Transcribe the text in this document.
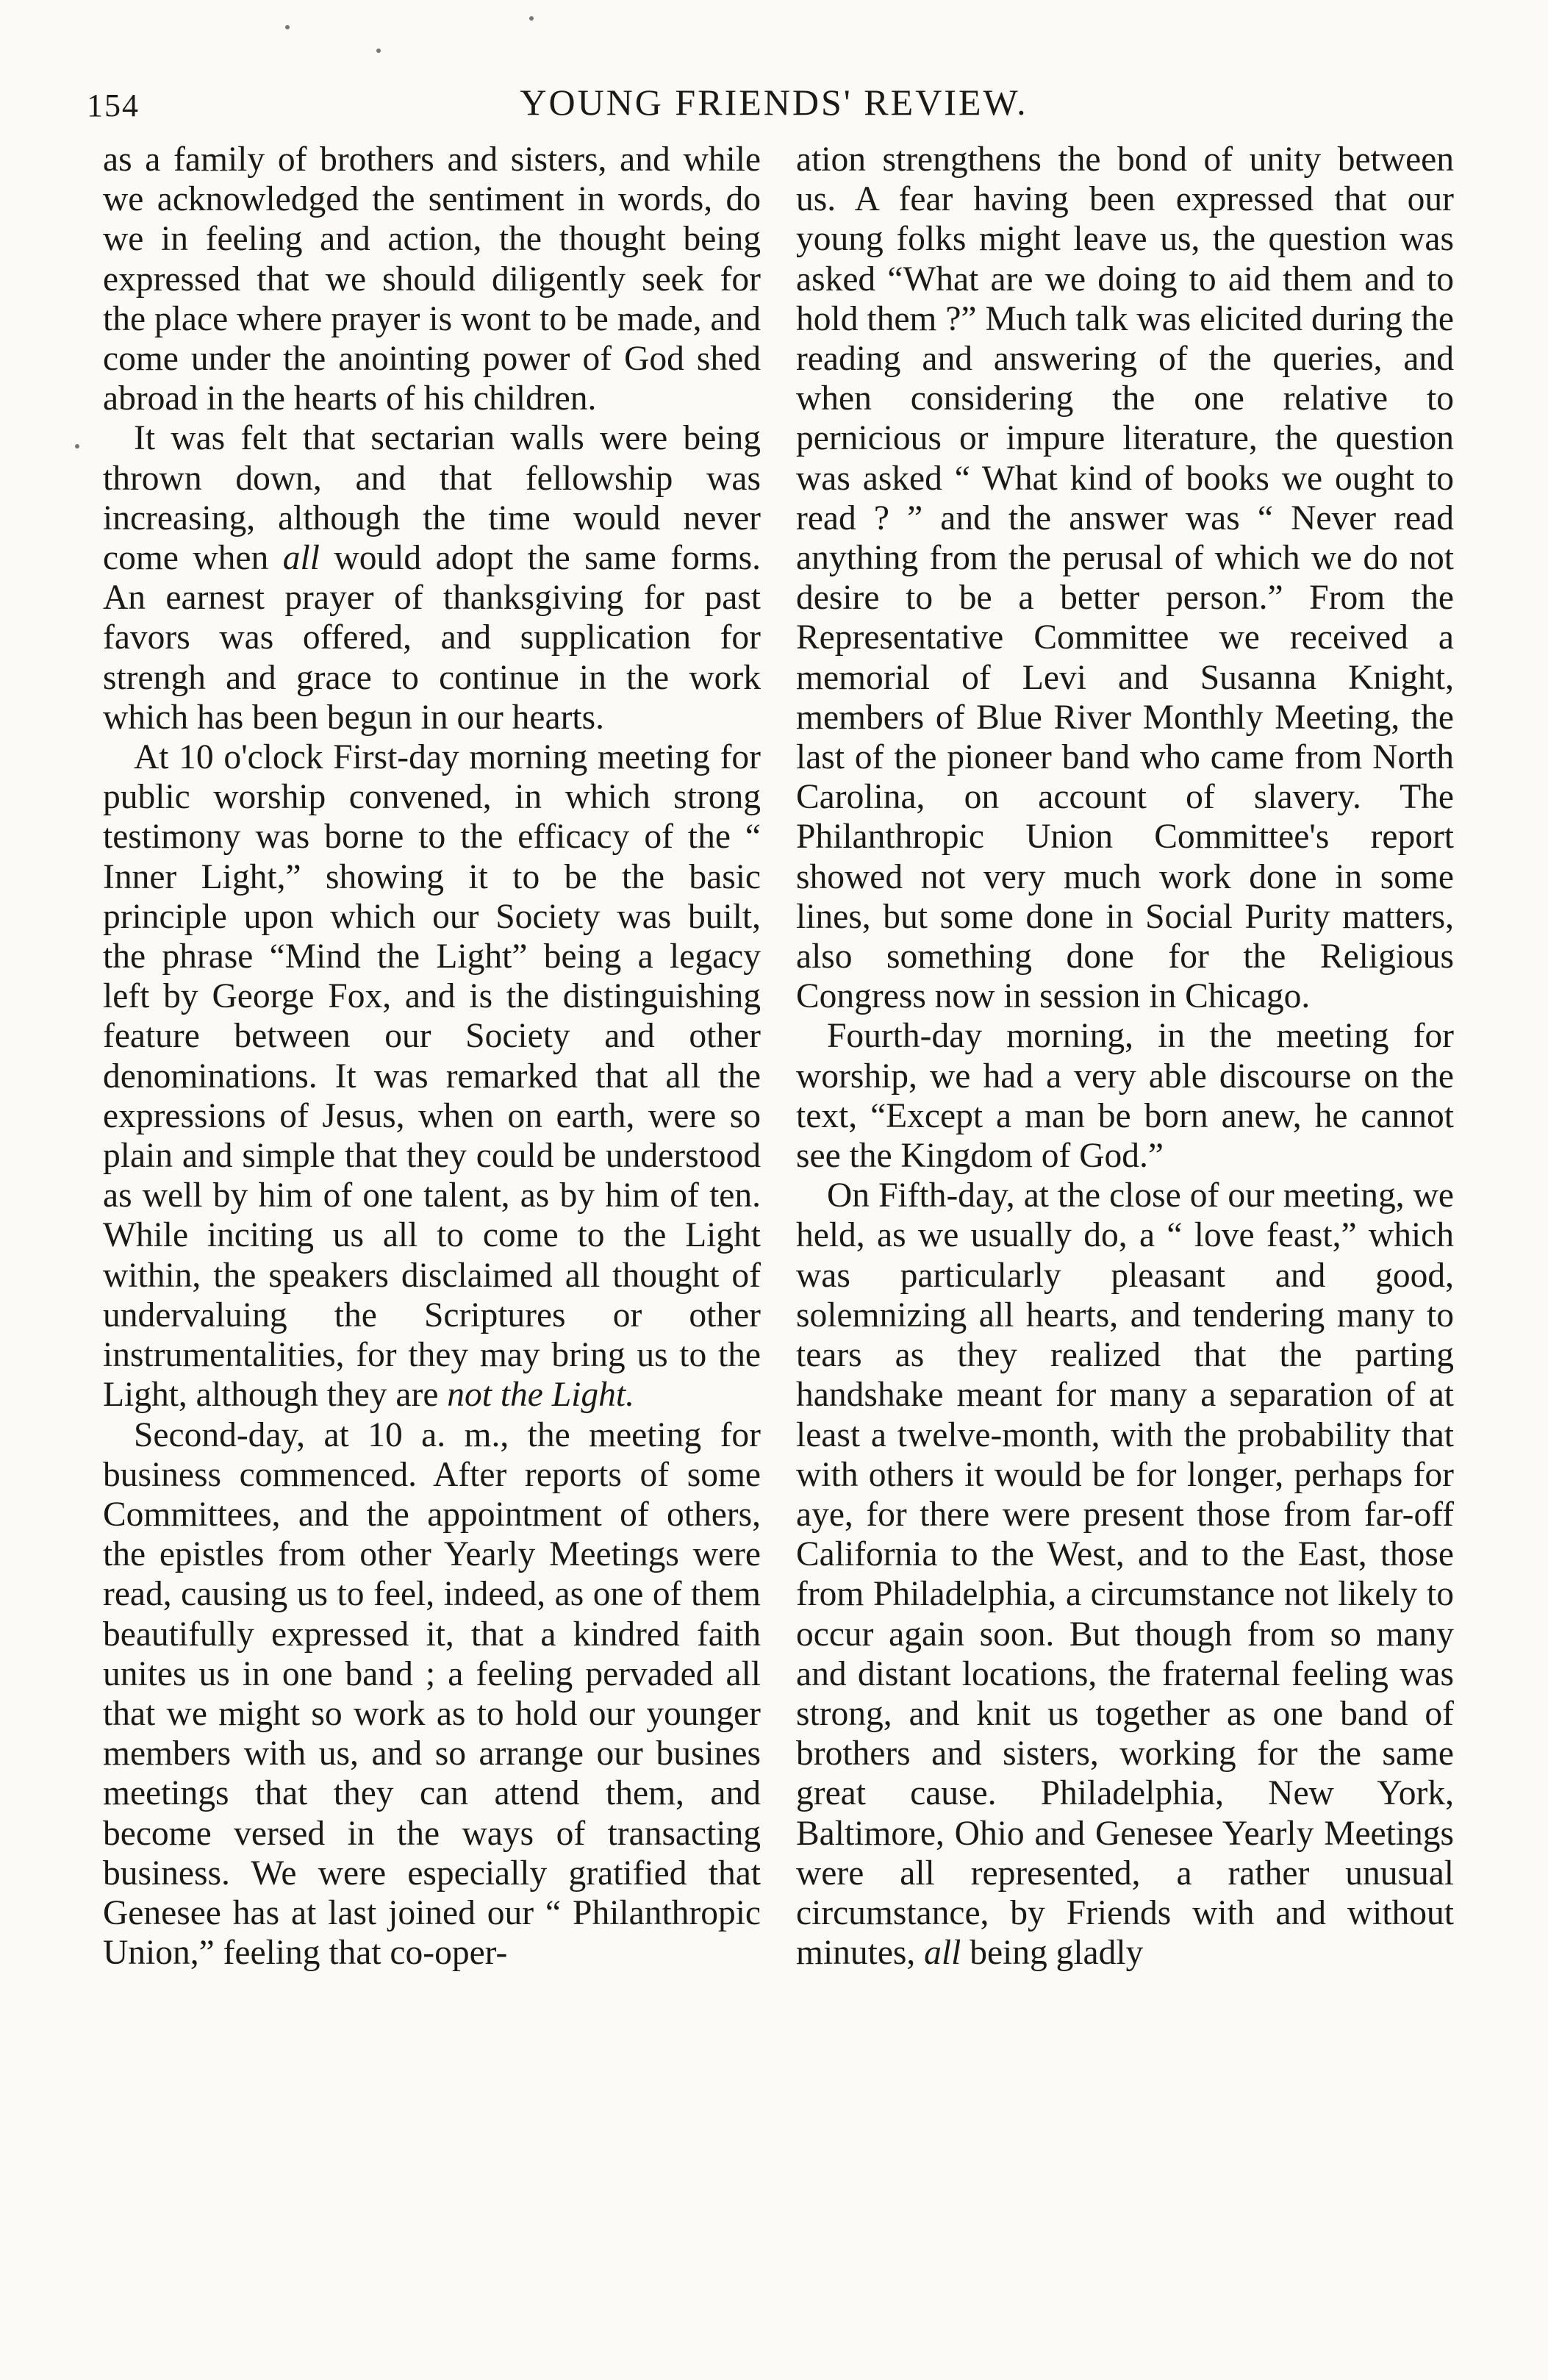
154	YOUNG FRIENDS' REVIEW.

as a family of brothers and sisters, and while we acknowledged the sentiment in words, do we in feeling and action, the thought being expressed that we should diligently seek for the place where prayer is wont to be made, and come under the anointing power of God shed abroad in the hearts of his children.

It was felt that sectarian walls were being thrown down, and that fellowship was increasing, although the time would never come when all would adopt the same forms. An earnest prayer of thanksgiving for past favors was offered, and supplication for strengh and grace to continue in the work which has been begun in our hearts.

At 10 o'clock First-day morning meeting for public worship convened, in which strong testimony was borne to the efficacy of the “ Inner Light,” showing it to be the basic principle upon which our Society was built, the phrase “Mind the Light” being a legacy left by George Fox, and is the distinguishing feature between our Society and other denominations. It was remarked that all the expressions of Jesus, when on earth, were so plain and simple that they could be understood as well by him of one talent, as by him of ten. While inciting us all to come to the Light within, the speakers disclaimed all thought of undervaluing the Scriptures or other instrumentalities, for they may bring us to the Light, although they are not the Light.

Second-day, at 10 a. m., the meeting for business commenced. After reports of some Committees, and the appointment of others, the epistles from other Yearly Meetings were read, causing us to feel, indeed, as one of them beautifully expressed it, that a kindred faith unites us in one band ; a feeling pervaded all that we might so work as to hold our younger members with us, and so arrange our busines meetings that they can attend them, and become versed in the ways of transacting business. We were especially gratified that Genesee has at last joined our “ Philanthropic Union,” feeling that co-oper-

ation strengthens the bond of unity between us. A fear having been expressed that our young folks might leave us, the question was asked “What are we doing to aid them and to hold them ?” Much talk was elicited during the reading and answering of the queries, and when considering the one relative to pernicious or impure literature, the question was asked “ What kind of books we ought to read ? ” and the answer was “ Never read anything from the perusal of which we do not desire to be a better person.” From the Representative Committee we received a memorial of Levi and Susanna Knight, members of Blue River Monthly Meeting, the last of the pioneer band who came from North Carolina, on account of slavery. The Philanthropic Union Committee's report showed not very much work done in some lines, but some done in Social Purity matters, also something done for the Religious Congress now in session in Chicago.

Fourth-day morning, in the meeting for worship, we had a very able discourse on the text, “Except a man be born anew, he cannot see the Kingdom of God.”

On Fifth-day, at the close of our meeting, we held, as we usually do, a “ love feast,” which was particularly pleasant and good, solemnizing all hearts, and tendering many to tears as they realized that the parting handshake meant for many a separation of at least a twelve-month, with the probability that with others it would be for longer, perhaps for aye, for there were present those from far-off California to the West, and to the East, those from Philadelphia, a circumstance not likely to occur again soon. But though from so many and distant locations, the fraternal feeling was strong, and knit us together as one band of brothers and sisters, working for the same great cause. Philadelphia, New York, Baltimore, Ohio and Genesee Yearly Meetings were all represented, a rather unusual circumstance, by Friends with and without minutes, all being gladly
